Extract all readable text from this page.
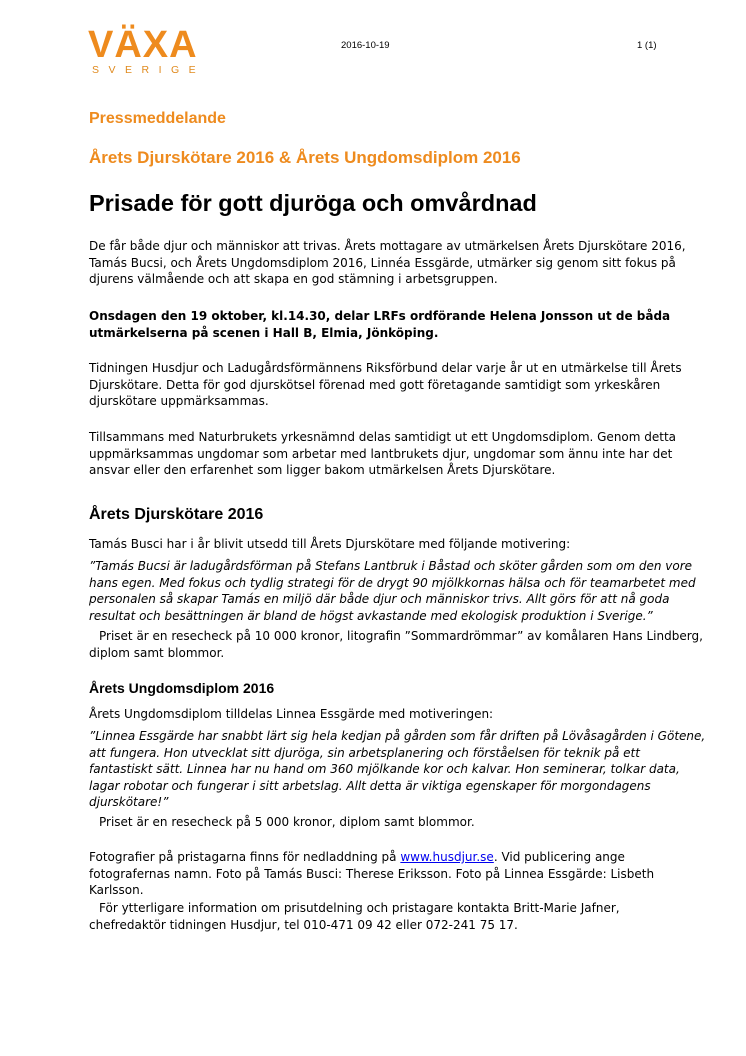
VÄXA
SVERIGE
2016-10-19	1 (1)
Pressmeddelande
Årets Djurskötare 2016 & Årets Ungdomsdiplom 2016
Prisade för gott djuröga och omvårdnad
De får både djur och människor att trivas. Årets mottagare av utmärkelsen Årets Djurskötare 2016,
Tamás Bucsi, och Årets Ungdomsdiplom 2016, Linnéa Essgärde, utmärker sig genom sitt fokus på
djurens välmående och att skapa en god stämning i arbetsgruppen.
Onsdagen den 19 oktober, kl.14.30, delar LRFs ordförande Helena Jonsson ut de båda
utmärkelserna på scenen i Hall B, Elmia, Jönköping.
Tidningen Husdjur och Ladugårdsförmännens Riksförbund delar varje år ut en utmärkelse till Årets
Djurskötare. Detta för god djurskötsel förenad med gott företagande samtidigt som yrkeskåren
djurskötare uppmärksammas.
Tillsammans med Naturbrukets yrkesnämnd delas samtidigt ut ett Ungdomsdiplom. Genom detta
uppmärksammas ungdomar som arbetar med lantbrukets djur, ungdomar som ännu inte har det
ansvar eller den erfarenhet som ligger bakom utmärkelsen Årets Djurskötare.
Årets Djurskötare 2016
Tamás Busci har i år blivit utsedd till Årets Djurskötare med följande motivering:
”Tamás Bucsi är ladugårdsförman på Stefans Lantbruk i Båstad och sköter gården som om den vore
hans egen. Med fokus och tydlig strategi för de drygt 90 mjölkkornas hälsa och för teamarbetet med
personalen så skapar Tamás en miljö där både djur och människor trivs. Allt görs för att nå goda
resultat och besättningen är bland de högst avkastande med ekologisk produktion i Sverige.”
Priset är en resecheck på 10 000 kronor, litografin ”Sommardrömmar” av komålaren Hans Lindberg,
diplom samt blommor.
Årets Ungdomsdiplom 2016
Årets Ungdomsdiplom tilldelas Linnea Essgärde med motiveringen:
”Linnea Essgärde har snabbt lärt sig hela kedjan på gården som får driften på Lövåsagården i Götene,
att fungera. Hon utvecklat sitt djuröga, sin arbetsplanering och förståelsen för teknik på ett
fantastiskt sätt. Linnea har nu hand om 360 mjölkande kor och kalvar. Hon seminerar, tolkar data,
lagar robotar och fungerar i sitt arbetslag. Allt detta är viktiga egenskaper för morgondagens
djurskötare!”
Priset är en resecheck på 5 000 kronor, diplom samt blommor.
Fotografier på pristagarna finns för nedladdning på www.husdjur.se. Vid publicering ange
fotografernas namn. Foto på Tamás Busci: Therese Eriksson. Foto på Linnea Essgärde: Lisbeth
Karlsson.
För ytterligare information om prisutdelning och pristagare kontakta Britt-Marie Jafner,
chefredaktör tidningen Husdjur, tel 010-471 09 42 eller 072-241 75 17.
